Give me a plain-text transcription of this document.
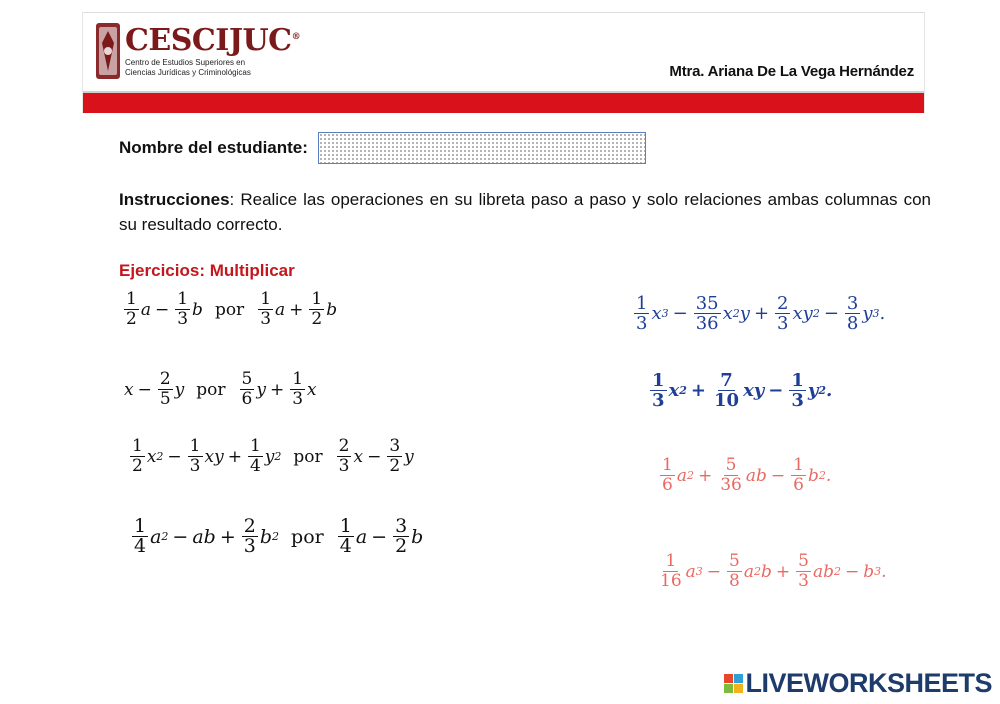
CESCIJUC®
Centro de Estudios Superiores en
Ciencias Jurídicas y Criminológicas	Mtra. Ariana De La Vega Hernández
Nombre del estudiante:
Instrucciones: Realice las operaciones en su libreta paso a paso y solo relaciones ambas columnas con su resultado correcto.
Ejercicios: Multiplicar
$\frac{1}{2}$ $a - \frac{1}{3}$ b por $\frac{1}{3}$ $a + \frac{1}{2}$ b
$x - \frac{2}{5}$ y por $\frac{5}{6}$ $y + \frac{1}{3}$ x
$\frac{1}{2}$ x $2 - \frac{1}{3}$ xy + $\frac{1}{4}$ y 2 por $\frac{2}{3}$ $x - \frac{3}{2}$ y
$\frac{1}{4}$ a 2 − ab + $\frac{2}{3}$ b 2 por $\frac{1}{4}$ $a - \frac{3}{2}$ b
$\frac{1}{3}$ x $3 - \frac{35}{36}$ x 2 $y + \frac{2}{3}$ xy $2 - \frac{3}{8}$ y 3 .
$\frac{1}{3}$ x $2 + \frac{7}{10}$ xy − $\frac{1}{3}$ y 2 .
$\frac{1}{6}$ a $2 + \frac{5}{36}$ ab − $\frac{1}{6}$ b 2 .
$\frac{1}{16}$ a $3 - \frac{5}{8}$ a 2 $b + \frac{5}{3}$ ab 2 − b 3 .
LIVEWORKSHEETS
